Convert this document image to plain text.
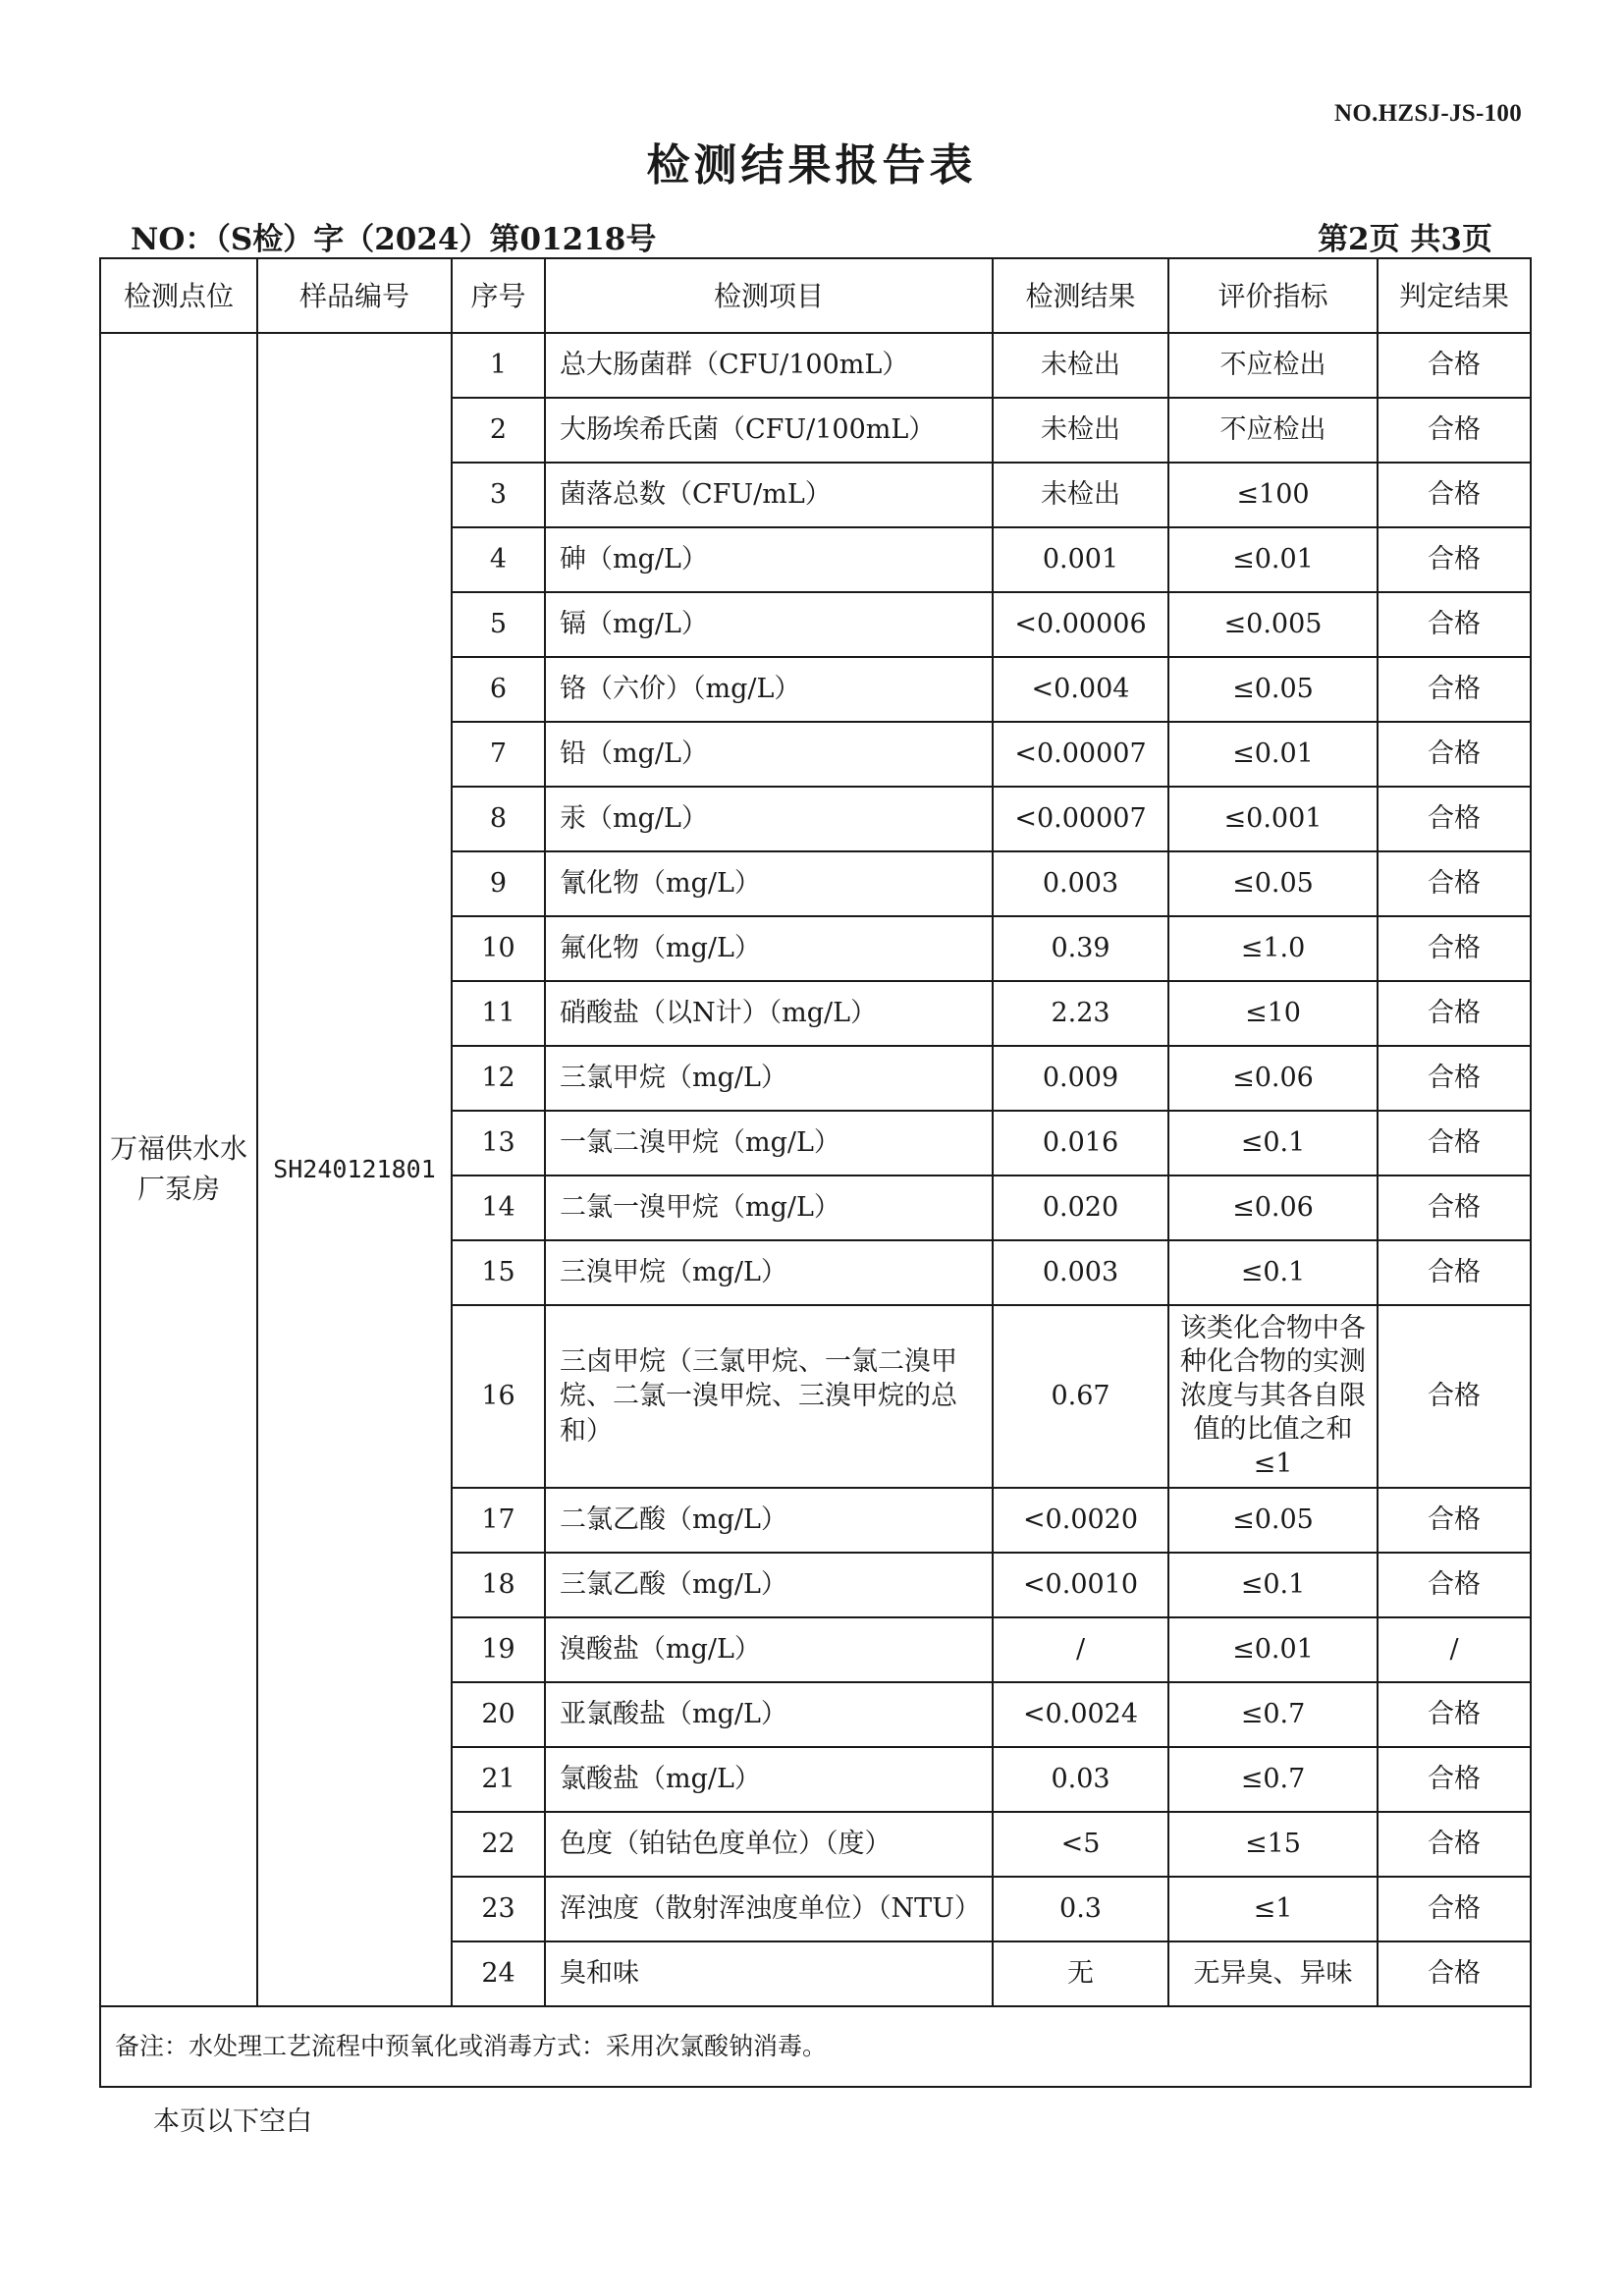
NO.HZSJ-JS-100
检测结果报告表
NO：（S检）字（2024）第01218号	第2页 共3页
检测点位	样品编号	序号	检测项目	检测结果	评价指标	判定结果
万福供水水厂泵房	SH240121801	1	总大肠菌群（CFU/100mL）	未检出	不应检出	合格
		2	大肠埃希氏菌（CFU/100mL）	未检出	不应检出	合格
		3	菌落总数（CFU/mL）	未检出	≤100	合格
		4	砷（mg/L）	0.001	≤0.01	合格
		5	镉（mg/L）	<0.00006	≤0.005	合格
		6	铬（六价）（mg/L）	<0.004	≤0.05	合格
		7	铅（mg/L）	<0.00007	≤0.01	合格
		8	汞（mg/L）	<0.00007	≤0.001	合格
		9	氰化物（mg/L）	0.003	≤0.05	合格
		10	氟化物（mg/L）	0.39	≤1.0	合格
		11	硝酸盐（以N计）（mg/L）	2.23	≤10	合格
		12	三氯甲烷（mg/L）	0.009	≤0.06	合格
		13	一氯二溴甲烷（mg/L）	0.016	≤0.1	合格
		14	二氯一溴甲烷（mg/L）	0.020	≤0.06	合格
		15	三溴甲烷（mg/L）	0.003	≤0.1	合格
		16	三卤甲烷（三氯甲烷、一氯二溴甲烷、二氯一溴甲烷、三溴甲烷的总和）	0.67	该类化合物中各种化合物的实测浓度与其各自限值的比值之和≤1	合格
		17	二氯乙酸（mg/L）	<0.0020	≤0.05	合格
		18	三氯乙酸（mg/L）	<0.0010	≤0.1	合格
		19	溴酸盐（mg/L）	/	≤0.01	/
		20	亚氯酸盐（mg/L）	<0.0024	≤0.7	合格
		21	氯酸盐（mg/L）	0.03	≤0.7	合格
		22	色度（铂钴色度单位）（度）	<5	≤15	合格
		23	浑浊度（散射浑浊度单位）（NTU）	0.3	≤1	合格
		24	臭和味	无	无异臭、异味	合格
备注：水处理工艺流程中预氧化或消毒方式：采用次氯酸钠消毒。						
本页以下空白
